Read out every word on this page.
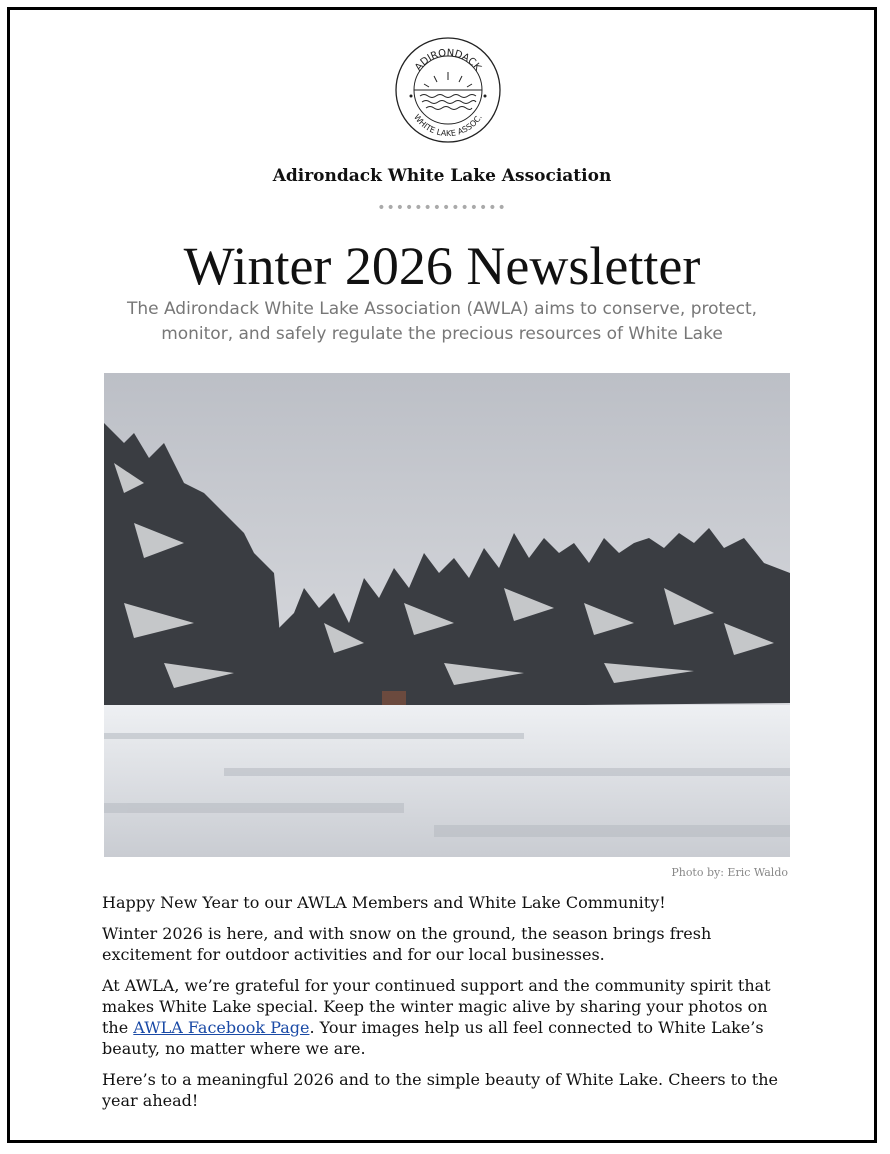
ADIRONDACK
WHITE LAKE ASSOC.
Adirondack White Lake Association
••••••••••••••
Winter 2026 Newsletter
The Adirondack White Lake Association (AWLA) aims to conserve, protect, monitor, and safely regulate the precious resources of White Lake
Photo by: Eric Waldo

Happy New Year to our AWLA Members and White Lake Community!

Winter 2026 is here, and with snow on the ground, the season brings fresh excitement for outdoor activities and for our local businesses.

At AWLA, we’re grateful for your continued support and the community spirit that makes White Lake special. Keep the winter magic alive by sharing your photos on the AWLA Facebook Page. Your images help us all feel connected to White Lake’s beauty, no matter where we are.

Here’s to a meaningful 2026 and to the simple beauty of White Lake. Cheers to the year ahead!
